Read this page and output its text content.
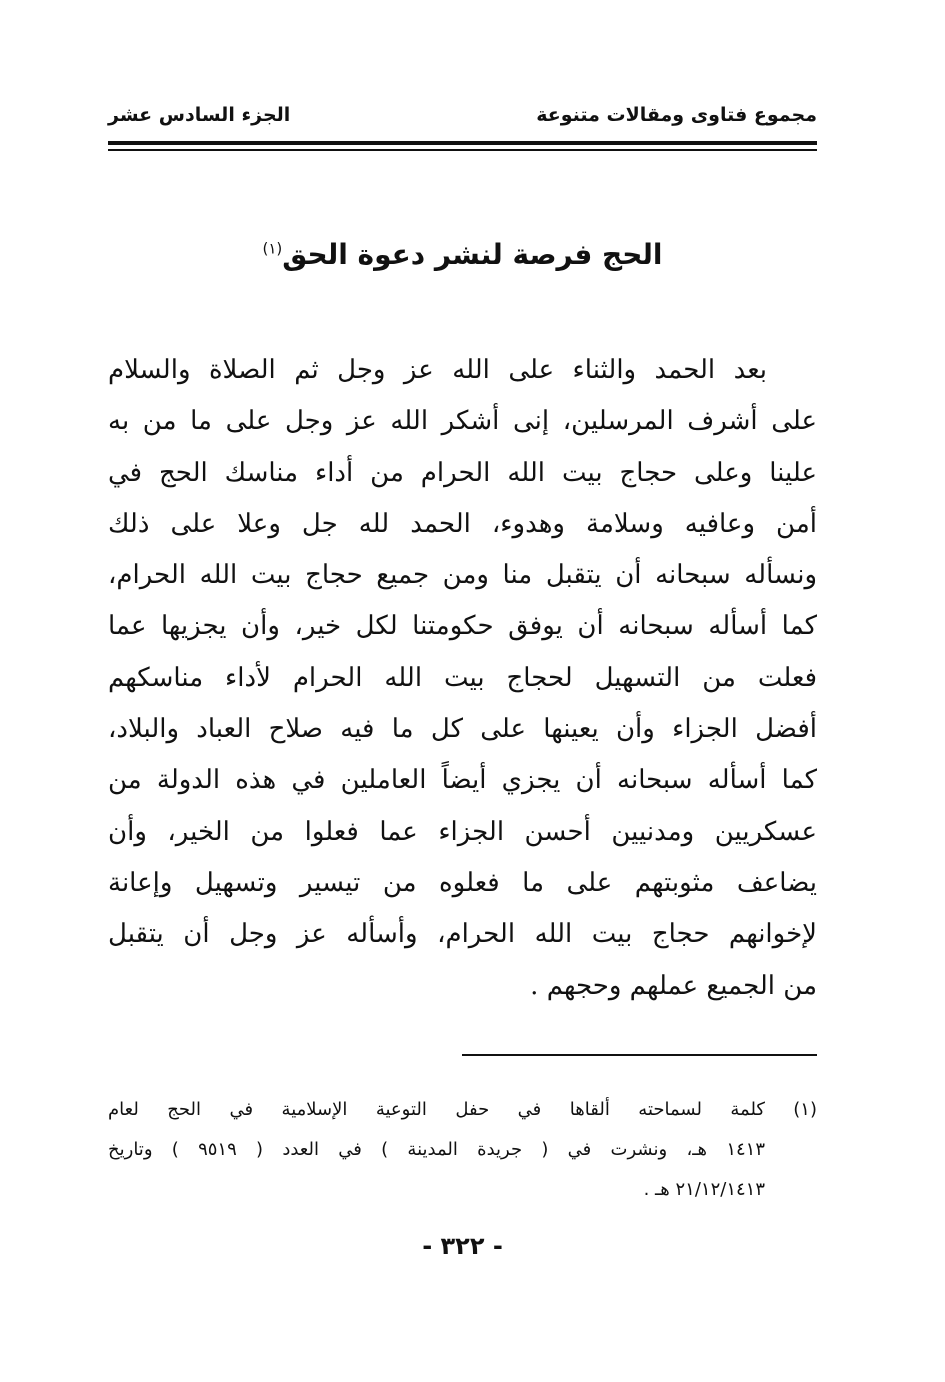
مجموع فتاوى ومقالات متنوعة
الجزء السادس عشر
الحج فرصة لنشر دعوة الحق$^{(١)}$
بعد الحمد والثناء على الله عز وجل ثم الصلاة والسلام
على أشرف المرسلين، إنى أشكر الله عز وجل على ما من به
علينا وعلى حجاج بيت الله الحرام من أداء مناسك الحج في
أمن وعافيه وسلامة وهدوء، الحمد لله جل وعلا على ذلك
ونسأله سبحانه أن يتقبل منا ومن جميع حجاج بيت الله الحرام،
كما أسأله سبحانه أن يوفق حكومتنا لكل خير، وأن يجزيها عما
فعلت من التسهيل لحجاج بيت الله الحرام لأداء مناسكهم
أفضل الجزاء وأن يعينها على كل ما فيه صلاح العباد والبلاد،
كما أسأله سبحانه أن يجزي أيضاً العاملين في هذه الدولة من
عسكريين ومدنيين أحسن الجزاء عما فعلوا من الخير، وأن
يضاعف مثوبتهم على ما فعلوه من تيسير وتسهيل وإعانة
لإخوانهم حجاج بيت الله الحرام، وأسأله عز وجل أن يتقبل
من الجميع عملهم وحجهم .
(١)كلمة لسماحته ألقاها في حفل التوعية الإسلامية في الحج لعام
١٤١٣ هـ، ونشرت في ( جريدة المدينة ) في العدد ( ٩٥١٩ ) وتاريخ
٢١/١٢/١٤١٣ هـ .
- ٣٢٢ -
